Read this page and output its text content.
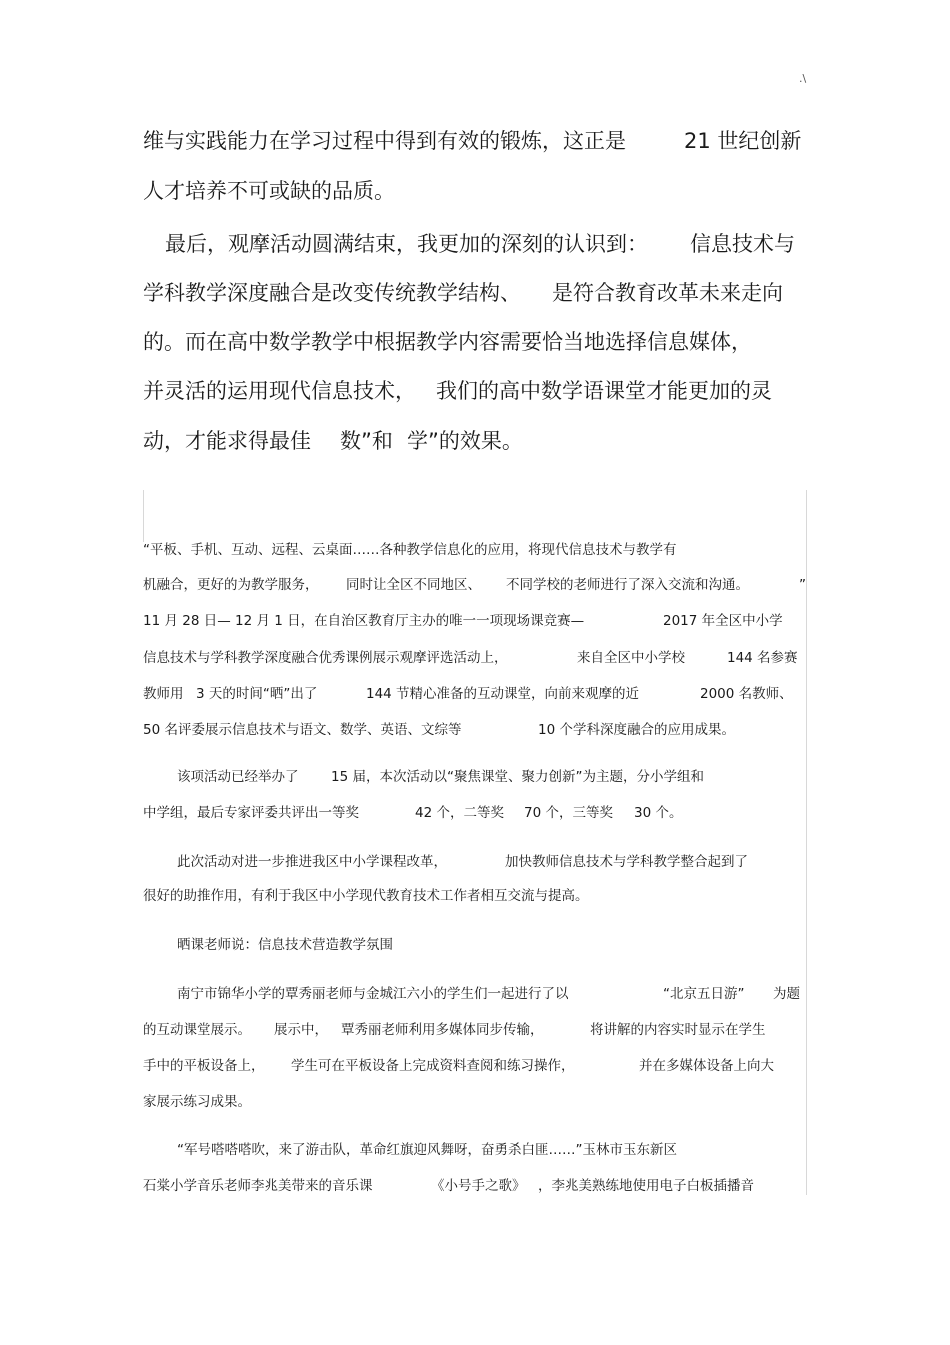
.\
维与实践能力在学习过程中得到有效的锻炼，这正是	21 世纪创新
人才培养不可或缺的品质。
最后，观摩活动圆满结束，我更加的深刻的认识到： 信息技术与
学科教学深度融合是改变传统教学结构、 是符合教育改革未来走向
的。而在高中数学教学中根据教学内容需要恰当地选择信息媒体，
并灵活的运用现代信息技术， 我们的高中数学语课堂才能更加的灵
动，才能求得最佳 数”和 学”的效果。
“平板、手机、互动、远程、云桌面……各种教学信息化的应用，将现代信息技术与教学有
机融合，更好的为教学服务， 同时让全区不同地区、 不同学校的老师进行了深入交流和沟通。	”
11 月 28 日— 12 月 1 日，在自治区教育厅主办的唯一一项现场课竞赛—	2017 年全区中小学
信息技术与学科教学深度融合优秀课例展示观摩评选活动上，	来自全区中小学校	144 名参赛
教师用 3 天的时间“晒”出了	144 节精心准备的互动课堂，向前来观摩的近	2000 名教师、
50 名评委展示信息技术与语文、数学、英语、文综等	10 个学科深度融合的应用成果。
该项活动已经举办了 15 届，本次活动以“聚焦课堂、聚力创新”为主题，分小学组和
中学组，最后专家评委共评出一等奖	42 个，二等奖 70 个，三等奖 30 个。
此次活动对进一步推进我区中小学课程改革，	加快教师信息技术与学科教学整合起到了
很好的助推作用，有利于我区中小学现代教育技术工作者相互交流与提高。
晒课老师说：信息技术营造教学氛围
南宁市锦华小学的覃秀丽老师与金城江六小的学生们一起进行了以	“北京五日游” 为题
的互动课堂展示。 展示中， 覃秀丽老师利用多媒体同步传输，	将讲解的内容实时显示在学生
手中的平板设备上， 学生可在平板设备上完成资料查阅和练习操作，	并在多媒体设备上向大
家展示练习成果。
“军号嗒嗒嗒吹，来了游击队，革命红旗迎风舞呀，奋勇杀白匪……”玉林市玉东新区
石棠小学音乐老师李兆美带来的音乐课	《小号手之歌》 ，李兆美熟练地使用电子白板插播音
